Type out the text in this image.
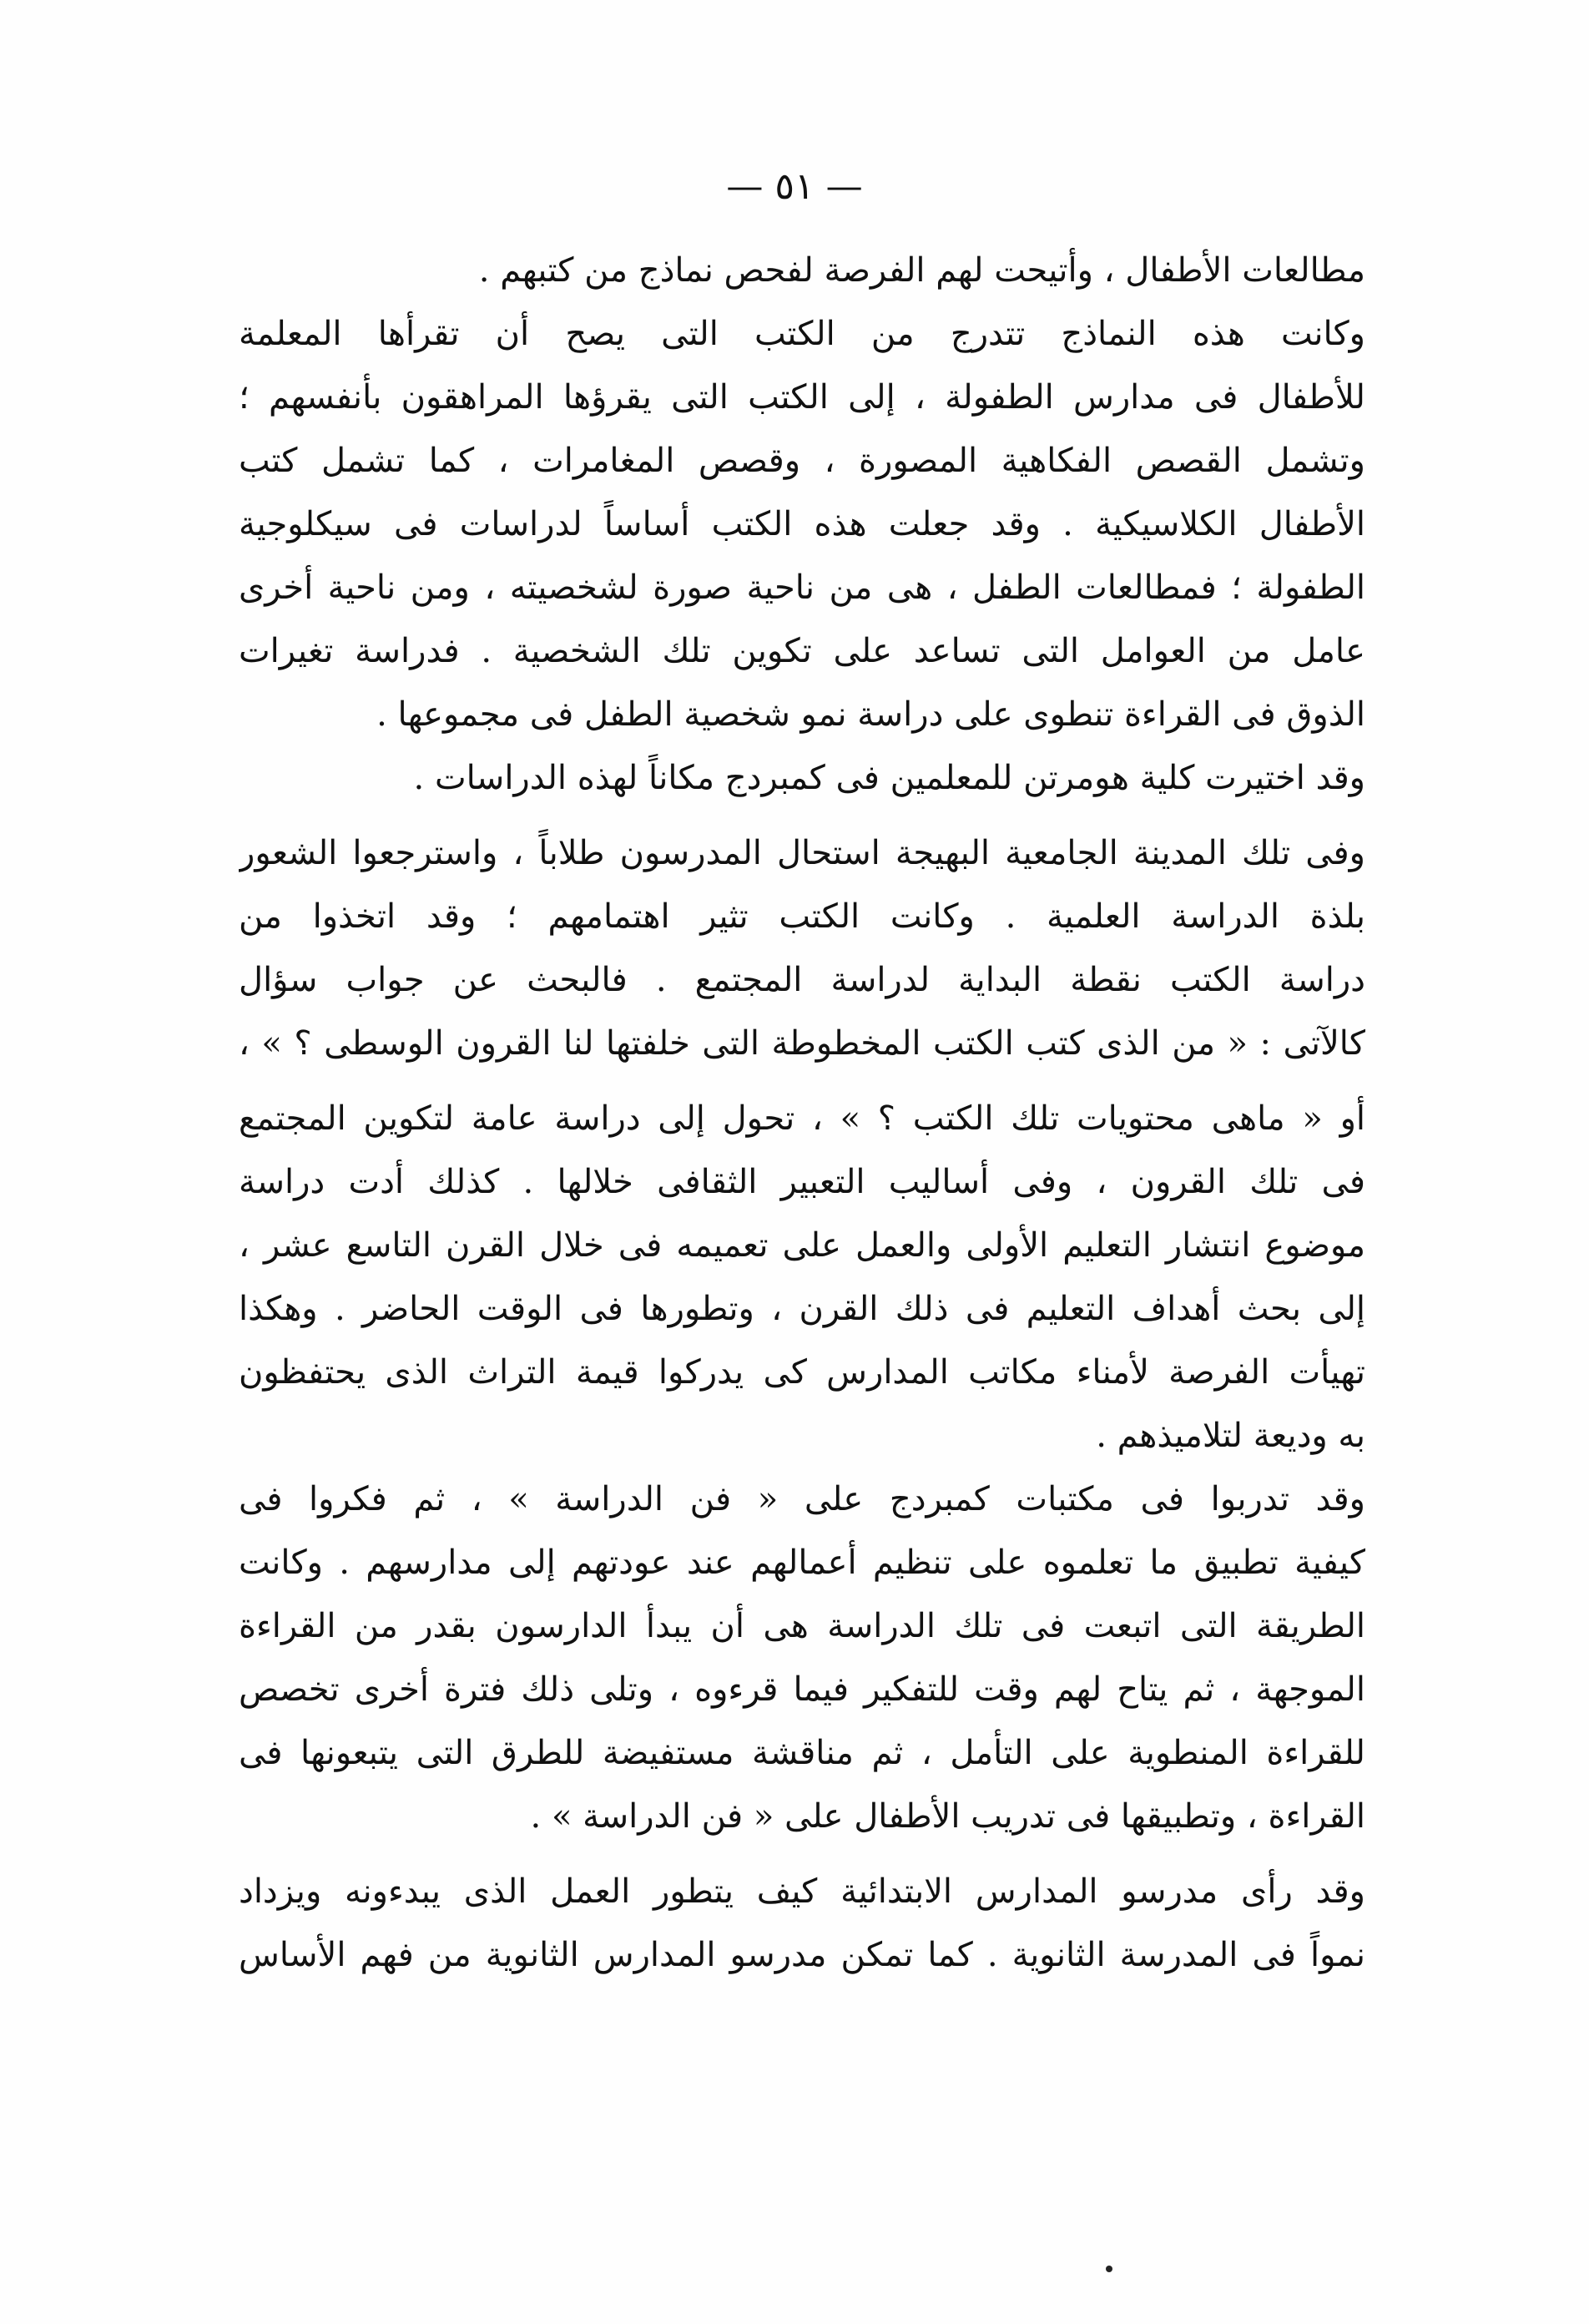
— ٥١ —
مطالعات الأطفال ، وأتيحت لهم الفرصة لفحص نماذج من كتبهم .
وكانت هذه النماذج تتدرج من الكتب التى يصح أن تقرأها المعلمة
للأطفال فى مدارس الطفولة ، إلى الكتب التى يقرؤها المراهقون بأنفسهم ؛
وتشمل القصص الفكاهية المصورة ، وقصص المغامرات ، كما تشمل كتب
الأطفال الكلاسيكية . وقد جعلت هذه الكتب أساساً لدراسات فى سيكلوجية
الطفولة ؛ فمطالعات الطفل ، هى من ناحية صورة لشخصيته ، ومن ناحية أخرى
عامل من العوامل التى تساعد على تكوين تلك الشخصية . فدراسة تغيرات
الذوق فى القراءة تنطوى على دراسة نمو شخصية الطفل فى مجموعها .
وقد اختيرت كلية هومرتن للمعلمين فى كمبردج مكاناً لهذه الدراسات .
وفى تلك المدينة الجامعية البهيجة استحال المدرسون طلاباً ، واسترجعوا الشعور
بلذة الدراسة العلمية . وكانت الكتب تثير اهتمامهم ؛ وقد اتخذوا من
دراسة الكتب نقطة البداية لدراسة المجتمع . فالبحث عن جواب سؤال
كالآتى : « من الذى كتب الكتب المخطوطة التى خلفتها لنا القرون الوسطى ؟ » ،
أو « ماهى محتويات تلك الكتب ؟ » ، تحول إلى دراسة عامة لتكوين المجتمع
فى تلك القرون ، وفى أساليب التعبير الثقافى خلالها . كذلك أدت دراسة
موضوع انتشار التعليم الأولى والعمل على تعميمه فى خلال القرن التاسع عشر ،
إلى بحث أهداف التعليم فى ذلك القرن ، وتطورها فى الوقت الحاضر . وهكذا
تهيأت الفرصة لأمناء مكاتب المدارس كى يدركوا قيمة التراث الذى يحتفظون
به وديعة لتلاميذهم .
وقد تدربوا فى مكتبات كمبردج على « فن الدراسة » ، ثم فكروا فى
كيفية تطبيق ما تعلموه على تنظيم أعمالهم عند عودتهم إلى مدارسهم . وكانت
الطريقة التى اتبعت فى تلك الدراسة هى أن يبدأ الدارسون بقدر من القراءة
الموجهة ، ثم يتاح لهم وقت للتفكير فيما قرءوه ، وتلى ذلك فترة أخرى تخصص
للقراءة المنطوية على التأمل ، ثم مناقشة مستفيضة للطرق التى يتبعونها فى
القراءة ، وتطبيقها فى تدريب الأطفال على « فن الدراسة » .
وقد رأى مدرسو المدارس الابتدائية كيف يتطور العمل الذى يبدءونه ويزداد
نمواً فى المدرسة الثانوية . كما تمكن مدرسو المدارس الثانوية من فهم الأساس
